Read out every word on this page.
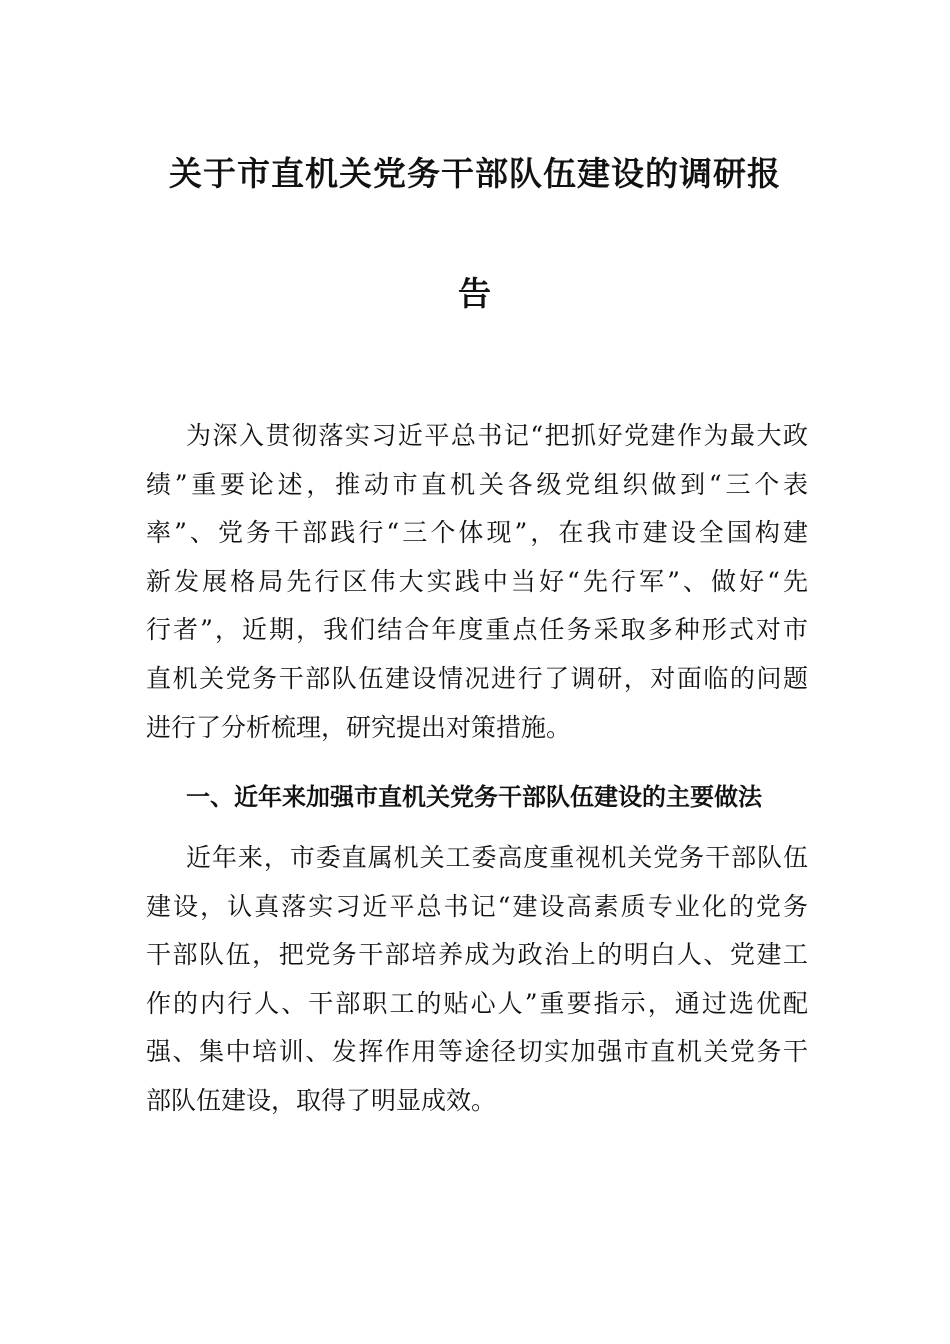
关于市直机关党务干部队伍建设的调研报
告
为深入贯彻落实习近平总书记“把抓好党建作为最大政
绩”重要论述，推动市直机关各级党组织做到“三个表
率”、党务干部践行“三个体现”，在我市建设全国构建
新发展格局先行区伟大实践中当好“先行军”、做好“先
行者”，近期，我们结合年度重点任务采取多种形式对市
直机关党务干部队伍建设情况进行了调研，对面临的问题
进行了分析梳理，研究提出对策措施。
一、近年来加强市直机关党务干部队伍建设的主要做法
近年来，市委直属机关工委高度重视机关党务干部队伍
建设，认真落实习近平总书记“建设高素质专业化的党务
干部队伍，把党务干部培养成为政治上的明白人、党建工
作的内行人、干部职工的贴心人”重要指示，通过选优配
强、集中培训、发挥作用等途径切实加强市直机关党务干
部队伍建设，取得了明显成效。
